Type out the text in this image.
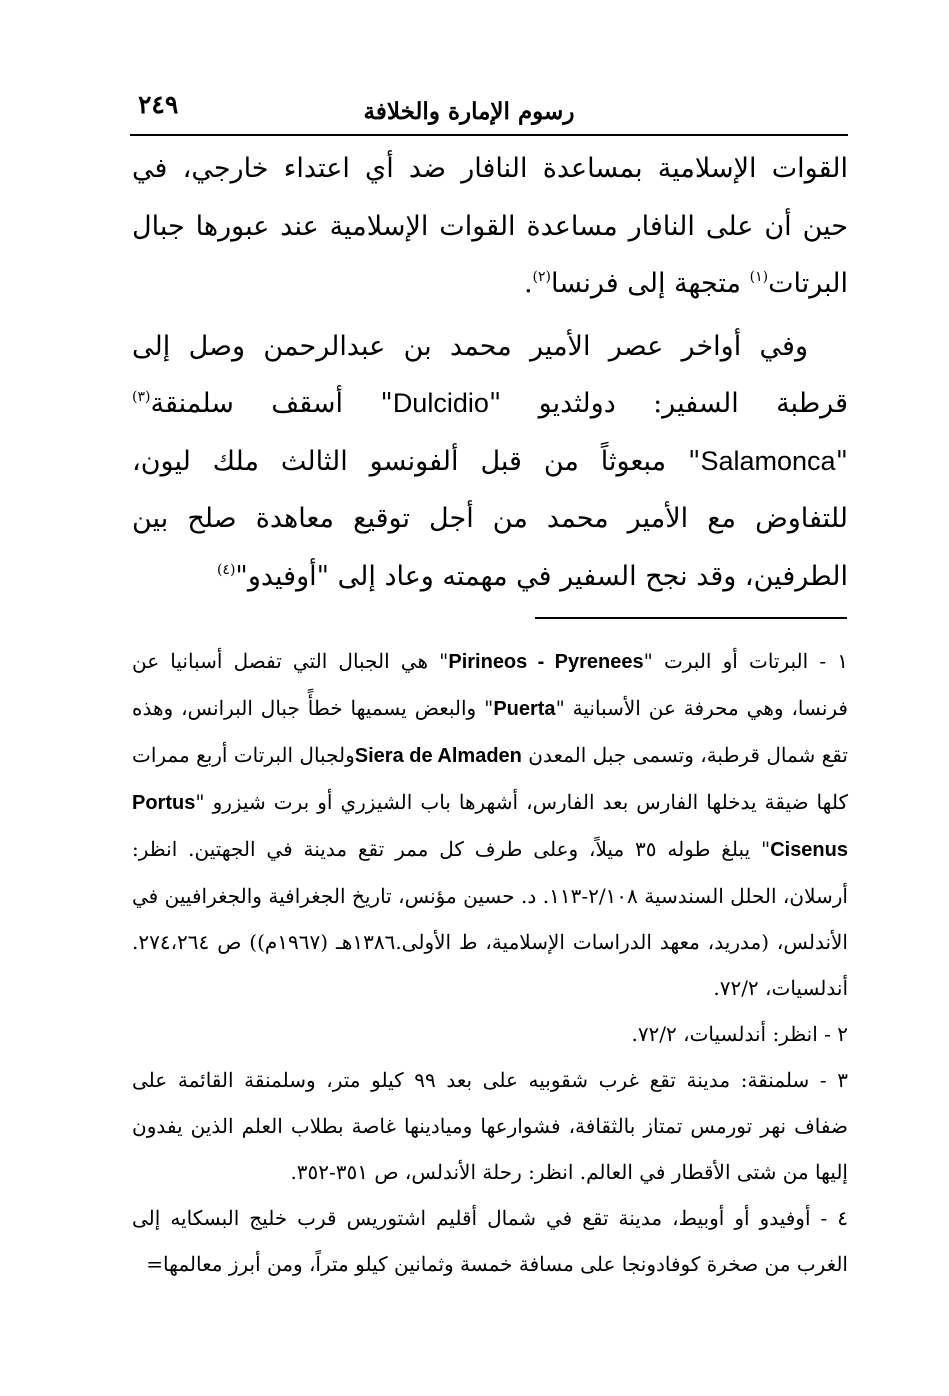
٢٤٩	رسوم الإمارة والخلافة

القوات الإسلامية بمساعدة النافار ضد أي اعتداء خارجي، في حين أن على النافار مساعدة القوات الإسلامية عند عبورها جبال البرتات$^{(١)}$ متجهة إلى فرنسا$^{(٢)}$.

وفي أواخر عصر الأمير محمد بن عبدالرحمن وصل إلى قرطبة السفير: دولثديو "Dulcidio" أسقف سلمنقة$^{(٣)}$ "Salamonca" مبعوثاً من قبل ألفونسو الثالث ملك ليون، للتفاوض مع الأمير محمد من أجل توقيع معاهدة صلح بين الطرفين، وقد نجح السفير في مهمته وعاد إلى "أوفيدو"$^{(٤)}$

١ - البرتات أو البرت "Pirineos - Pyrenees" هي الجبال التي تفصل أسبانيا عن فرنسا، وهي محرفة عن الأسبانية "Puerta" والبعض يسميها خطأً جبال البرانس، وهذه تقع شمال قرطبة، وتسمى جبل المعدن Siera de Almadenولجبال البرتات أربع ممرات كلها ضيقة يدخلها الفارس بعد الفارس، أشهرها باب الشيزري أو برت شيزرو "Portus Cisenus" يبلغ طوله ٣٥ ميلاً، وعلى طرف كل ممر تقع مدينة في الجهتين. انظر: أرسلان، الحلل السندسية ٢/١٠٨-١١٣. د. حسين مؤنس، تاريخ الجغرافية والجغرافيين في الأندلس، (مدريد، معهد الدراسات الإسلامية، ط الأولى.١٣٨٦هـ (١٩٦٧م)) ص ٢٧٤،٢٦٤. أندلسيات، ٧٢/٢.

٢ - انظر: أندلسيات، ٧٢/٢.

٣ - سلمنقة: مدينة تقع غرب شقوبيه على بعد ٩٩ كيلو متر، وسلمنقة القائمة على ضفاف نهر تورمس تمتاز بالثقافة، فشوارعها وميادينها غاصة بطلاب العلم الذين يفدون إليها من شتى الأقطار في العالم. انظر: رحلة الأندلس، ص ٣٥١-٣٥٢.

٤ - أوفيدو أو أوبيط، مدينة تقع في شمال أقليم اشتوريس قرب خليج البسكايه إلى الغرب من صخرة كوفادونجا على مسافة خمسة وثمانين كيلو متراً، ومن أبرز معالمها=
